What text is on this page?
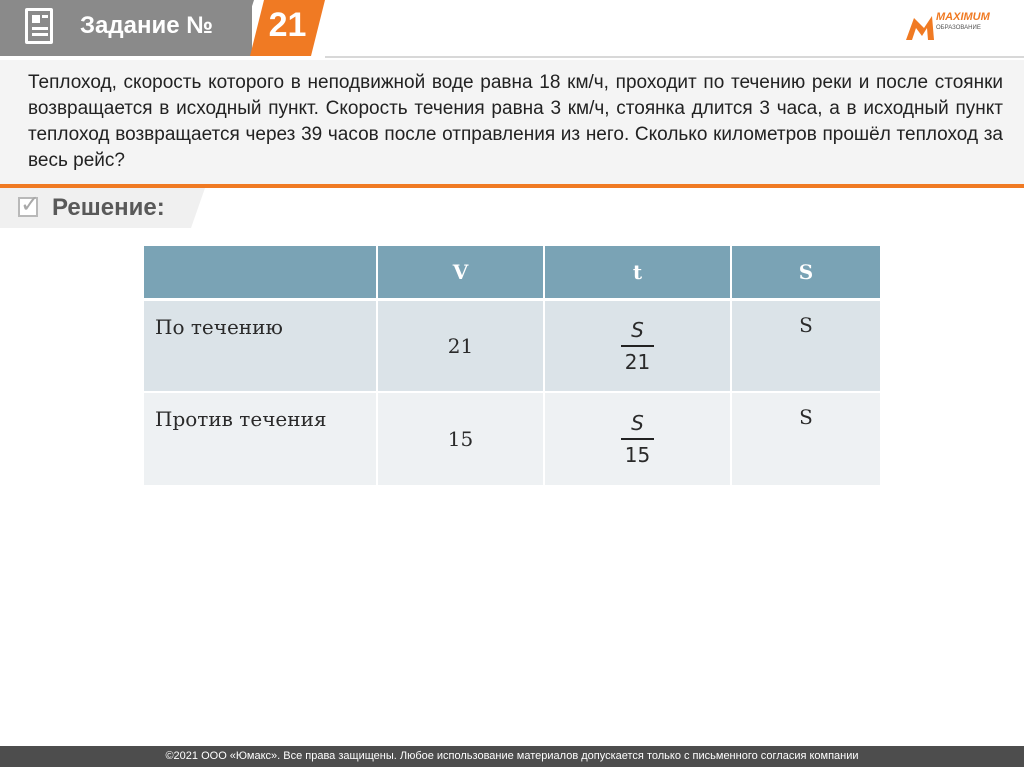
Задание №	21	MAXIMUM
ОБРАЗОВАНИЕ
Теплоход, скорость которого в неподвижной воде равна 18 км/ч, проходит по течению реки и после стоянки возвращается в исходный пункт. Скорость течения равна 3 км/ч, стоянка длится 3 часа, а в исходный пункт теплоход возвращается через 39 часов после отправления из него. Сколько километров прошёл теплоход за весь рейс?
✓ Решение:
	V	t	S
По течению	21	$\frac{S}{21}$	S
Против течения	15	$\frac{S}{15}$	S
©2021 ООО «Юмакс». Все права защищены. Любое использование материалов допускается только с письменного согласия компании
